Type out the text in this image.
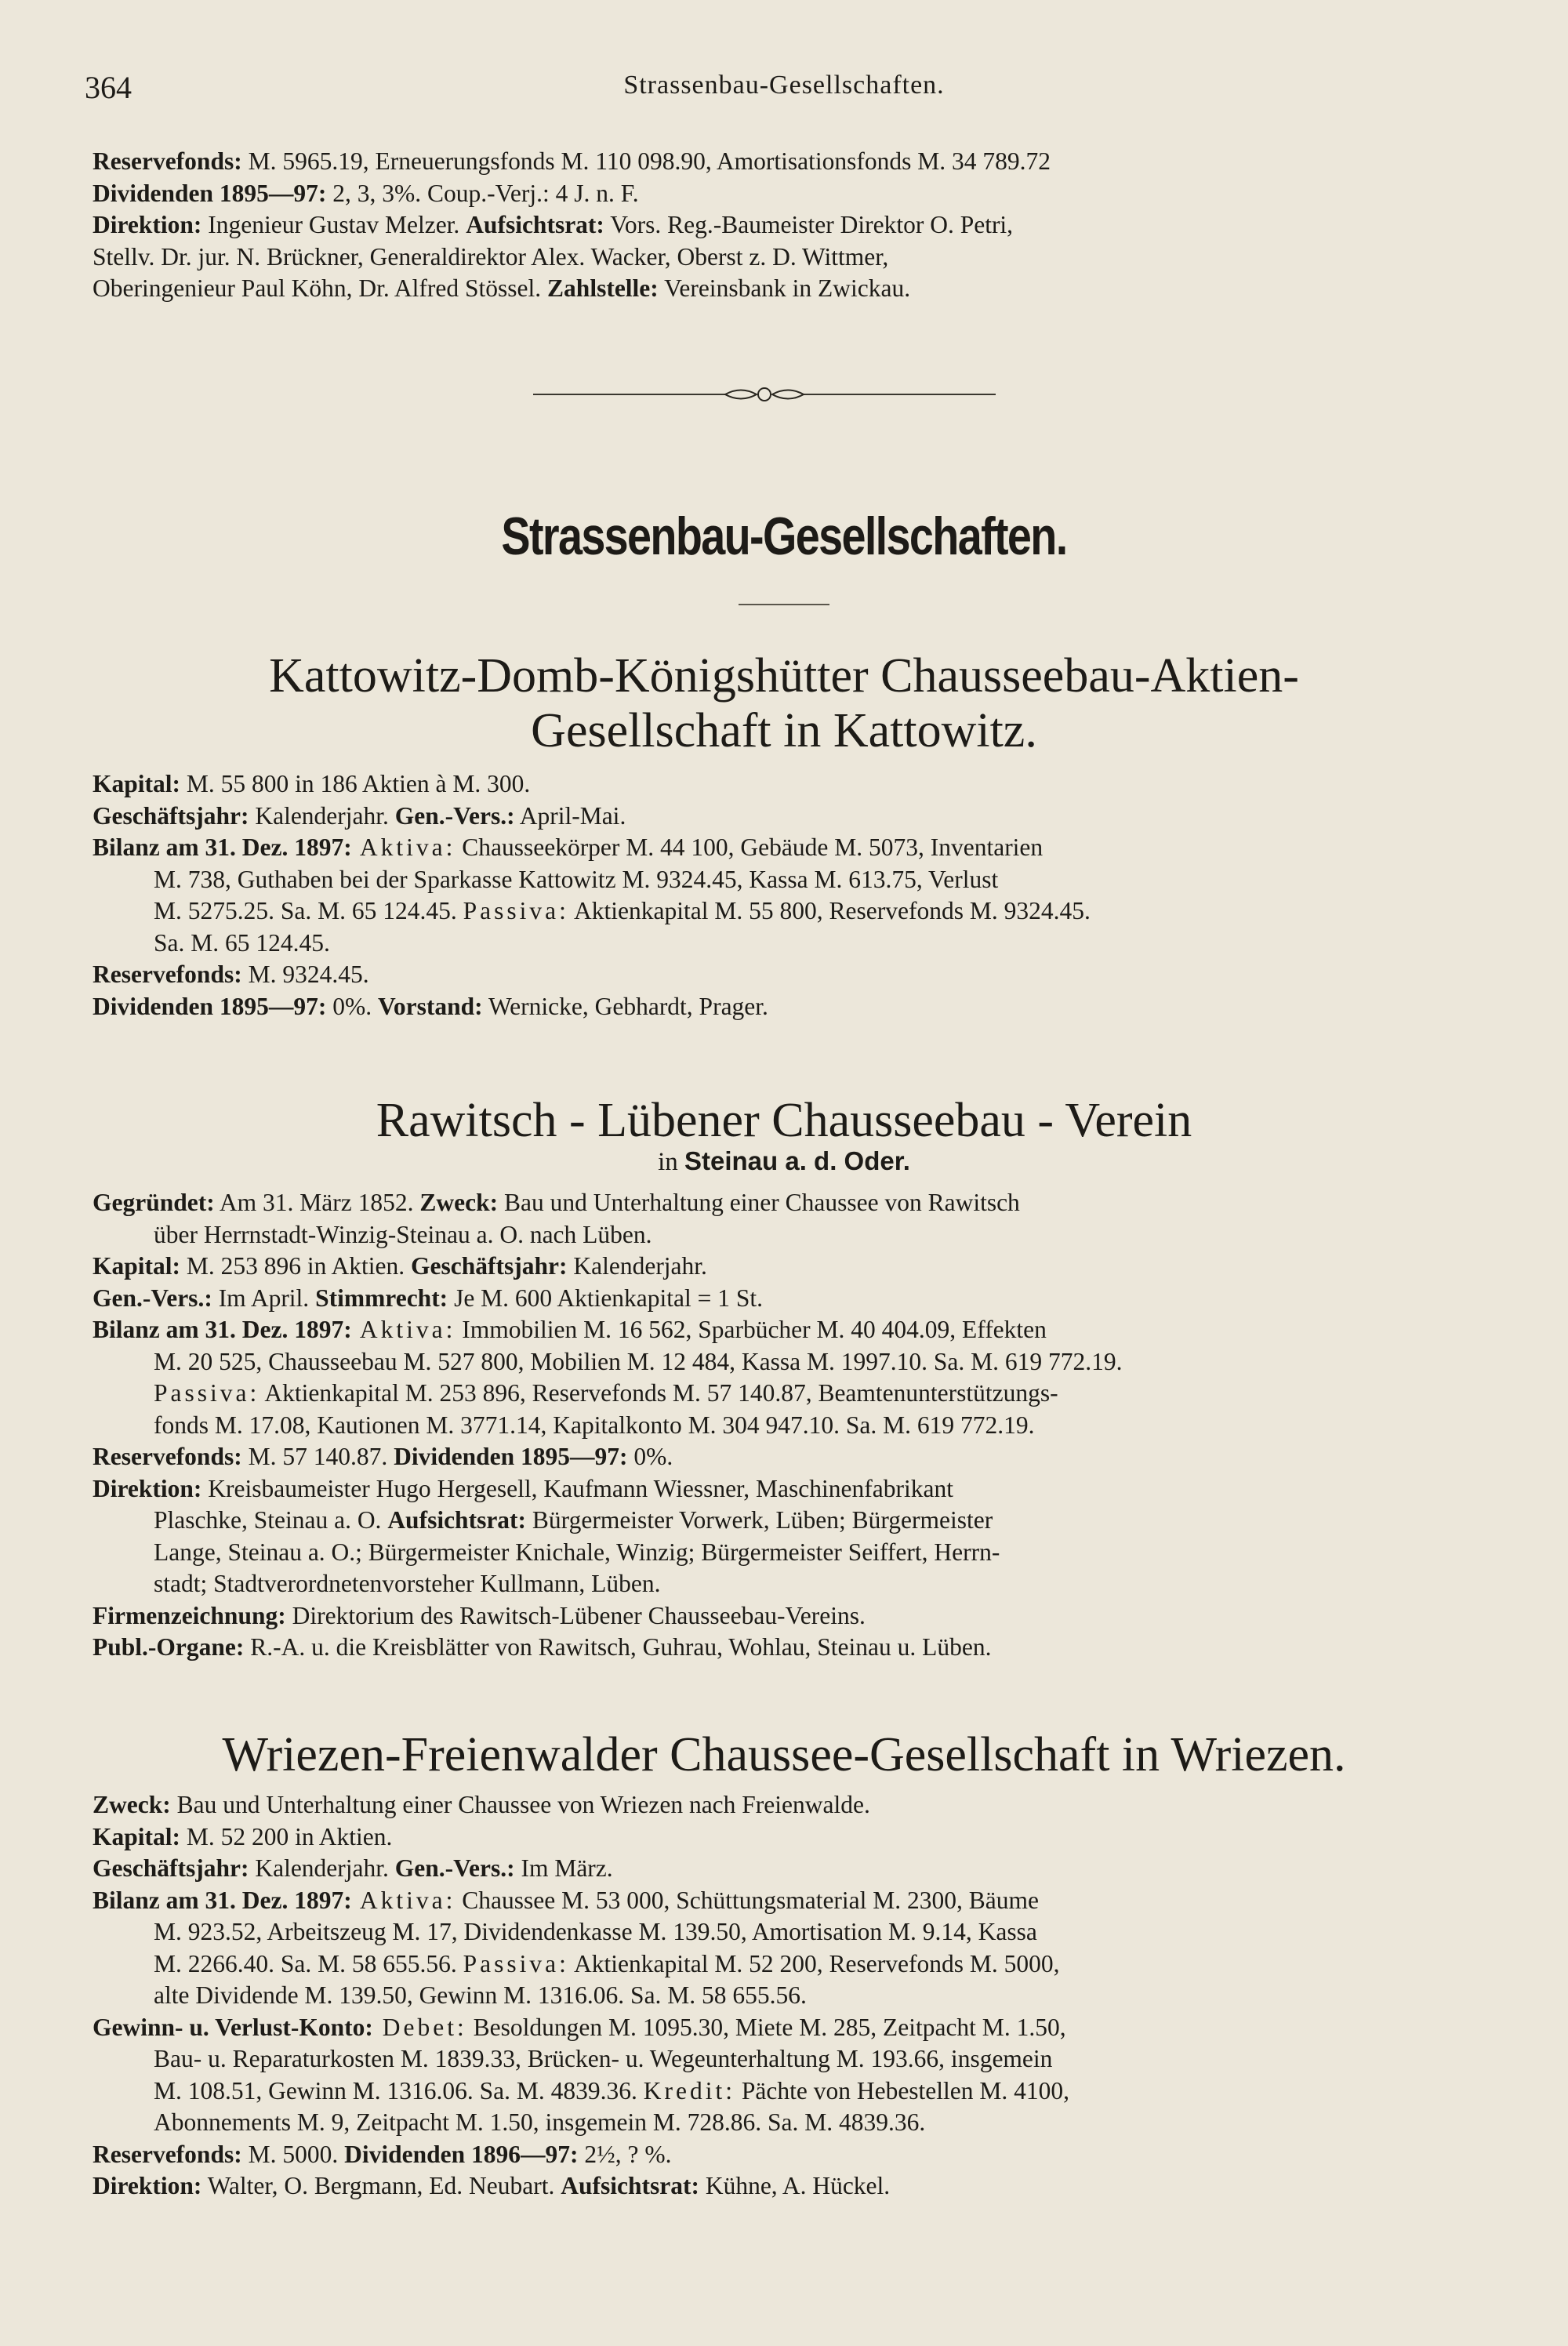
364	Strassenbau-Gesellschaften.
Reservefonds: M. 5965.19, Erneuerungsfonds M. 110 098.90, Amortisationsfonds M. 34 789.72
Dividenden 1895—97: 2, 3, 3%. Coup.-Verj.: 4 J. n. F.
Direktion: Ingenieur Gustav Melzer. Aufsichtsrat: Vors. Reg.-Baumeister Direktor O. Petri,
Stellv. Dr. jur. N. Brückner, Generaldirektor Alex. Wacker, Oberst z. D. Wittmer,
Oberingenieur Paul Köhn, Dr. Alfred Stössel. Zahlstelle: Vereinsbank in Zwickau.
Strassenbau-Gesellschaften.
Kattowitz-Domb-Königshütter Chausseebau-Aktien-
Gesellschaft in Kattowitz.
Kapital: M. 55 800 in 186 Aktien à M. 300.
Geschäftsjahr: Kalenderjahr. Gen.-Vers.: April-Mai.
Bilanz am 31. Dez. 1897: Aktiva: Chausseekörper M. 44 100, Gebäude M. 5073, Inventarien
M. 738, Guthaben bei der Sparkasse Kattowitz M. 9324.45, Kassa M. 613.75, Verlust
M. 5275.25. Sa. M. 65 124.45. Passiva: Aktienkapital M. 55 800, Reservefonds M. 9324.45.
Sa. M. 65 124.45.
Reservefonds: M. 9324.45.
Dividenden 1895—97: 0%. Vorstand: Wernicke, Gebhardt, Prager.
Rawitsch - Lübener Chausseebau - Verein
in Steinau a. d. Oder.
Gegründet: Am 31. März 1852. Zweck: Bau und Unterhaltung einer Chaussee von Rawitsch
über Herrnstadt-Winzig-Steinau a. O. nach Lüben.
Kapital: M. 253 896 in Aktien. Geschäftsjahr: Kalenderjahr.
Gen.-Vers.: Im April. Stimmrecht: Je M. 600 Aktienkapital = 1 St.
Bilanz am 31. Dez. 1897: Aktiva: Immobilien M. 16 562, Sparbücher M. 40 404.09, Effekten
M. 20 525, Chausseebau M. 527 800, Mobilien M. 12 484, Kassa M. 1997.10. Sa. M. 619 772.19.
Passiva: Aktienkapital M. 253 896, Reservefonds M. 57 140.87, Beamtenunterstützungs-
fonds M. 17.08, Kautionen M. 3771.14, Kapitalkonto M. 304 947.10. Sa. M. 619 772.19.
Reservefonds: M. 57 140.87. Dividenden 1895—97: 0%.
Direktion: Kreisbaumeister Hugo Hergesell, Kaufmann Wiessner, Maschinenfabrikant
Plaschke, Steinau a. O. Aufsichtsrat: Bürgermeister Vorwerk, Lüben; Bürgermeister
Lange, Steinau a. O.; Bürgermeister Knichale, Winzig; Bürgermeister Seiffert, Herrn-
stadt; Stadtverordnetenvorsteher Kullmann, Lüben.
Firmenzeichnung: Direktorium des Rawitsch-Lübener Chausseebau-Vereins.
Publ.-Organe: R.-A. u. die Kreisblätter von Rawitsch, Guhrau, Wohlau, Steinau u. Lüben.
Wriezen-Freienwalder Chaussee-Gesellschaft in Wriezen.
Zweck: Bau und Unterhaltung einer Chaussee von Wriezen nach Freienwalde.
Kapital: M. 52 200 in Aktien.
Geschäftsjahr: Kalenderjahr. Gen.-Vers.: Im März.
Bilanz am 31. Dez. 1897: Aktiva: Chaussee M. 53 000, Schüttungsmaterial M. 2300, Bäume
M. 923.52, Arbeitszeug M. 17, Dividendenkasse M. 139.50, Amortisation M. 9.14, Kassa
M. 2266.40. Sa. M. 58 655.56. Passiva: Aktienkapital M. 52 200, Reservefonds M. 5000,
alte Dividende M. 139.50, Gewinn M. 1316.06. Sa. M. 58 655.56.
Gewinn- u. Verlust-Konto: Debet: Besoldungen M. 1095.30, Miete M. 285, Zeitpacht M. 1.50,
Bau- u. Reparaturkosten M. 1839.33, Brücken- u. Wegeunterhaltung M. 193.66, insgemein
M. 108.51, Gewinn M. 1316.06. Sa. M. 4839.36. Kredit: Pächte von Hebestellen M. 4100,
Abonnements M. 9, Zeitpacht M. 1.50, insgemein M. 728.86. Sa. M. 4839.36.
Reservefonds: M. 5000. Dividenden 1896—97: 2½, ? %.
Direktion: Walter, O. Bergmann, Ed. Neubart. Aufsichtsrat: Kühne, A. Hückel.
